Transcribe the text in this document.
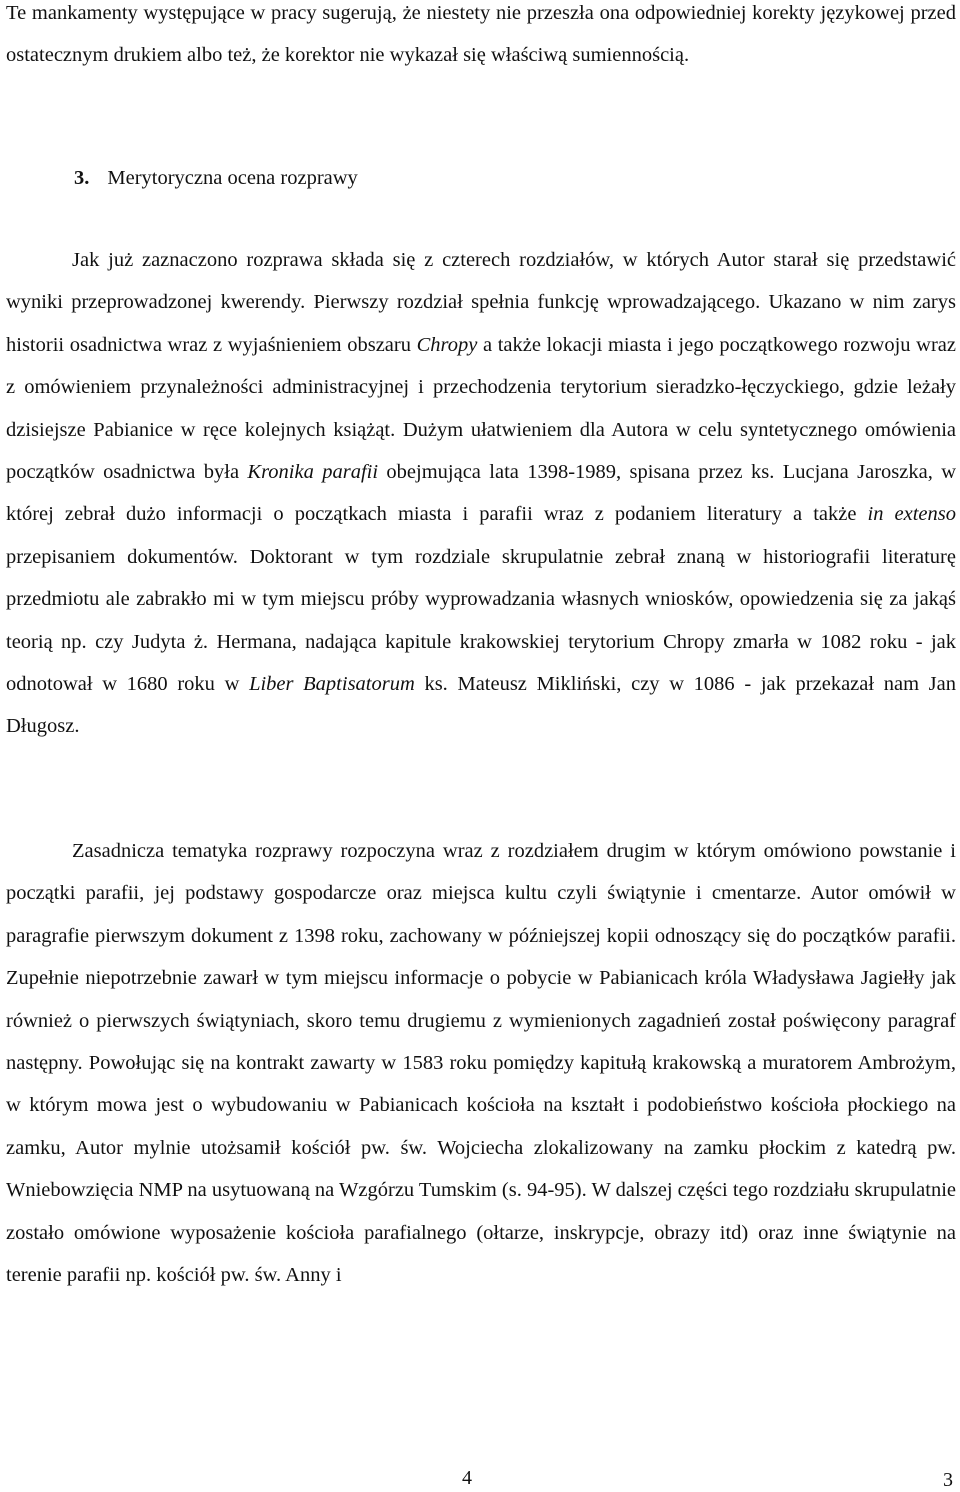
Te mankamenty występujące w pracy sugerują, że niestety nie przeszła ona odpowiedniej korekty językowej przed ostatecznym drukiem albo też, że korektor nie wykazał się właściwą sumiennością.

3. Merytoryczna ocena rozprawy

Jak już zaznaczono rozprawa składa się z czterech rozdziałów, w których Autor starał się przedstawić wyniki przeprowadzonej kwerendy. Pierwszy rozdział spełnia funkcję wprowadzającego. Ukazano w nim zarys historii osadnictwa wraz z wyjaśnieniem obszaru Chropy a także lokacji miasta i jego początkowego rozwoju wraz z omówieniem przynależności administracyjnej i przechodzenia terytorium sieradzko-łęczyckiego, gdzie leżały dzisiejsze Pabianice w ręce kolejnych książąt. Dużym ułatwieniem dla Autora w celu syntetycznego omówienia początków osadnictwa była Kronika parafii obejmująca lata 1398-1989, spisana przez ks. Lucjana Jaroszka, w której zebrał dużo informacji o początkach miasta i parafii wraz z podaniem literatury a także in extenso przepisaniem dokumentów. Doktorant w tym rozdziale skrupulatnie zebrał znaną w historiografii literaturę przedmiotu ale zabrakło mi w tym miejscu próby wyprowadzania własnych wniosków, opowiedzenia się za jakąś teorią np. czy Judyta ż. Hermana, nadająca kapitule krakowskiej terytorium Chropy zmarła w 1082 roku - jak odnotował w 1680 roku w Liber Baptisatorum ks. Mateusz Mikliński, czy w 1086 - jak przekazał nam Jan Długosz.

Zasadnicza tematyka rozprawy rozpoczyna wraz z rozdziałem drugim w którym omówiono powstanie i początki parafii, jej podstawy gospodarcze oraz miejsca kultu czyli świątynie i cmentarze. Autor omówił w paragrafie pierwszym dokument z 1398 roku, zachowany w późniejszej kopii odnoszący się do początków parafii. Zupełnie niepotrzebnie zawarł w tym miejscu informacje o pobycie w Pabianicach króla Władysława Jagiełły jak również o pierwszych świątyniach, skoro temu drugiemu z wymienionych zagadnień został poświęcony paragraf następny. Powołując się na kontrakt zawarty w 1583 roku pomiędzy kapitułą krakowską a muratorem Ambrożym, w którym mowa jest o wybudowaniu w Pabianicach kościoła na kształt i podobieństwo kościoła płockiego na zamku, Autor mylnie utożsamił kościół pw. św. Wojciecha zlokalizowany na zamku płockim z katedrą pw. Wniebowzięcia NMP na usytuowaną na Wzgórzu Tumskim (s. 94-95). W dalszej części tego rozdziału skrupulatnie zostało omówione wyposażenie kościoła parafialnego (ołtarze, inskrypcje, obrazy itd) oraz inne świątynie na terenie parafii np. kościół pw. św. Anny i

4	3
